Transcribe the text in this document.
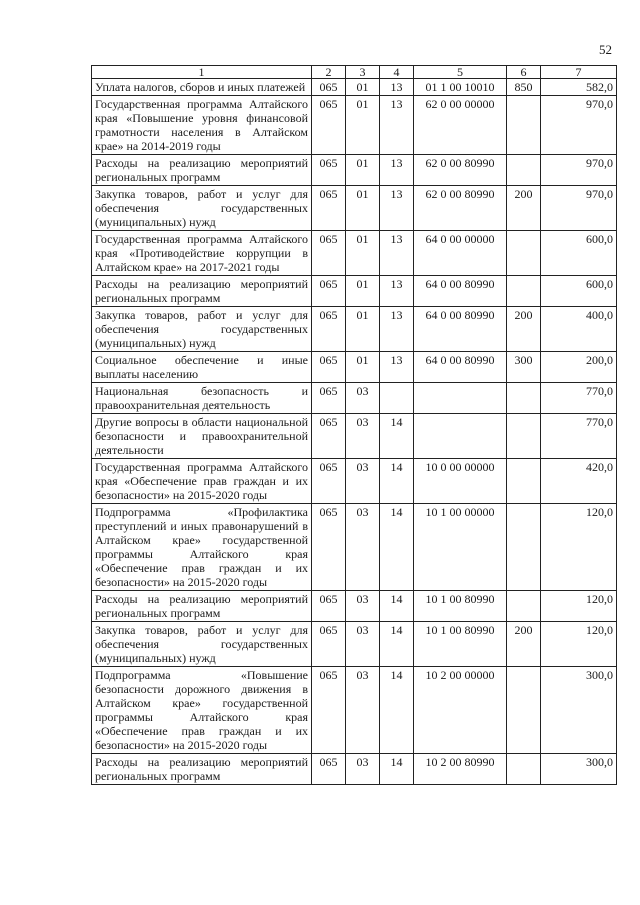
52
1	2	3	4	5	6	7
Уплата налогов, сборов и иных платежей	065	01	13	01 1 00 10010	850	582,0
Государственная программа Алтайского края «Повышение уровня финансовой грамотности населения в Алтайском крае» на 2014-2019 годы	065	01	13	62 0 00 00000		970,0
Расходы на реализацию мероприятий региональных программ	065	01	13	62 0 00 80990		970,0
Закупка товаров, работ и услуг для обеспечения государственных (муниципальных) нужд	065	01	13	62 0 00 80990	200	970,0
Государственная программа Алтайского края «Противодействие коррупции в Алтайском крае» на 2017-2021 годы	065	01	13	64 0 00 00000		600,0
Расходы на реализацию мероприятий региональных программ	065	01	13	64 0 00 80990		600,0
Закупка товаров, работ и услуг для обеспечения государственных (муниципальных) нужд	065	01	13	64 0 00 80990	200	400,0
Социальное обеспечение и иные выплаты населению	065	01	13	64 0 00 80990	300	200,0
Национальная безопасность и правоохранительная деятельность	065	03				770,0
Другие вопросы в области национальной безопасности и правоохранительной деятельности	065	03	14			770,0
Государственная программа Алтайского края «Обеспечение прав граждан и их безопасности» на 2015-2020 годы	065	03	14	10 0 00 00000		420,0
Подпрограмма «Профилактика преступлений и иных правонарушений в Алтайском крае» государственной программы Алтайского края «Обеспечение прав граждан и их безопасности» на 2015-2020 годы	065	03	14	10 1 00 00000		120,0
Расходы на реализацию мероприятий региональных программ	065	03	14	10 1 00 80990		120,0
Закупка товаров, работ и услуг для обеспечения государственных (муниципальных) нужд	065	03	14	10 1 00 80990	200	120,0
Подпрограмма «Повышение безопасности дорожного движения в Алтайском крае» государственной программы Алтайского края «Обеспечение прав граждан и их безопасности» на 2015-2020 годы	065	03	14	10 2 00 00000		300,0
Расходы на реализацию мероприятий региональных программ	065	03	14	10 2 00 80990		300,0
